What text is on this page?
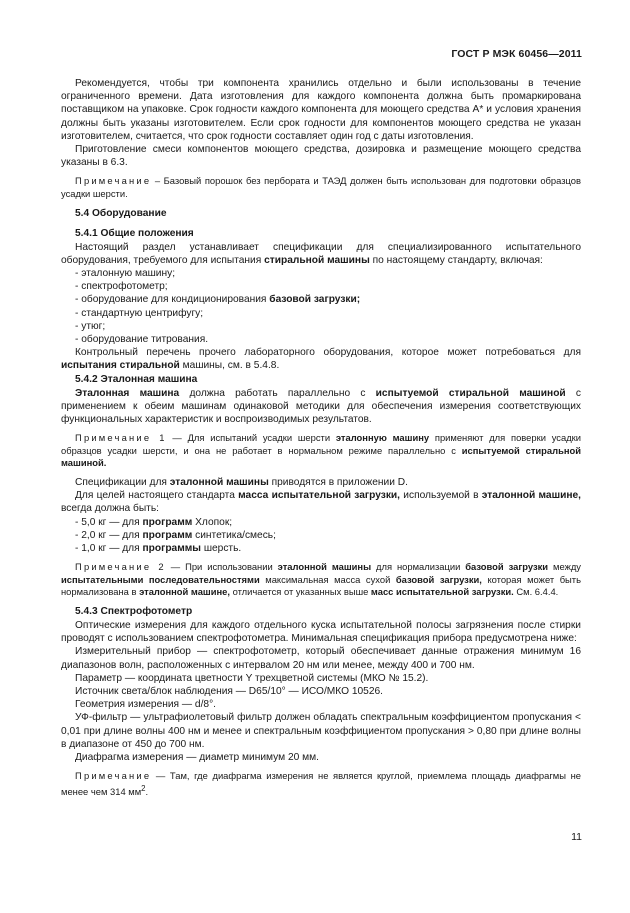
ГОСТ Р МЭК 60456—2011

Рекомендуется, чтобы три компонента хранились отдельно и были использованы в течение ограниченного времени. Дата изготовления для каждого компонента должна быть промаркирована поставщиком на упаковке. Срок годности каждого компонента для моющего средства А* и условия хранения должны быть указаны изготовителем. Если срок годности для компонентов моющего средства не указан изготовителем, считается, что срок годности составляет один год с даты изготовления.

Приготовление смеси компонентов моющего средства, дозировка и размещение моющего средства указаны в 6.3.

Примечание – Базовый порошок без пербората и ТАЭД должен быть использован для подготовки образцов усадки шерсти.

5.4 Оборудование
5.4.1 Общие положения

Настоящий раздел устанавливает спецификации для специализированного испытательного оборудования, требуемого для испытания стиральной машины по настоящему стандарту, включая:

- эталонную машину;

- спектрофотометр;

- оборудование для кондиционирования базовой загрузки;

- стандартную центрифугу;

- утюг;

- оборудование титрования.

Контрольный перечень прочего лабораторного оборудования, которое может потребоваться для испытания стиральной машины, см. в 5.4.8.

5.4.2 Эталонная машина

Эталонная машина должна работать параллельно с испытуемой стиральной машиной с применением к обеим машинам одинаковой методики для обеспечения измерения соответствующих функциональных характеристик и воспроизводимых результатов.

Примечание 1 — Для испытаний усадки шерсти эталонную машину применяют для поверки усадки образцов усадки шерсти, и она не работает в нормальном режиме параллельно с испытуемой стиральной машиной.

Спецификации для эталонной машины приводятся в приложении D.

Для целей настоящего стандарта масса испытательной загрузки, используемой в эталонной машине, всегда должна быть:

- 5,0 кг — для программ Хлопок;

- 2,0 кг — для программ синтетика/смесь;

- 1,0 кг — для программы шерсть.

Примечание 2 — При использовании эталонной машины для нормализации базовой загрузки между испытательными последовательностями максимальная масса сухой базовой загрузки, которая может быть нормализована в эталонной машине, отличается от указанных выше масс испытательной загрузки. См. 6.4.4.

5.4.3 Спектрофотометр

Оптические измерения для каждого отдельного куска испытательной полосы загрязнения после стирки проводят с использованием спектрофотометра. Минимальная спецификация прибора предусмотрена ниже:

Измерительный прибор — спектрофотометр, который обеспечивает данные отражения минимум 16 диапазонов волн, расположенных с интервалом 20 нм или менее, между 400 и 700 нм.

Параметр — координата цветности Y трехцветной системы (МКО № 15.2).

Источник света/блок наблюдения — D65/10° — ИСО/МКО 10526.

Геометрия измерения — d/8°.

УФ-фильтр — ультрафиолетовый фильтр должен обладать спектральным коэффициентом пропускания < 0,01 при длине волны 400 нм и менее и спектральным коэффициентом пропускания > 0,80 при длине волны в диапазоне от 450 до 700 нм.

Диафрагма измерения — диаметр минимум 20 мм.

Примечание — Там, где диафрагма измерения не является круглой, приемлема площадь диафрагмы не менее чем 314 $мм^2$.

11
